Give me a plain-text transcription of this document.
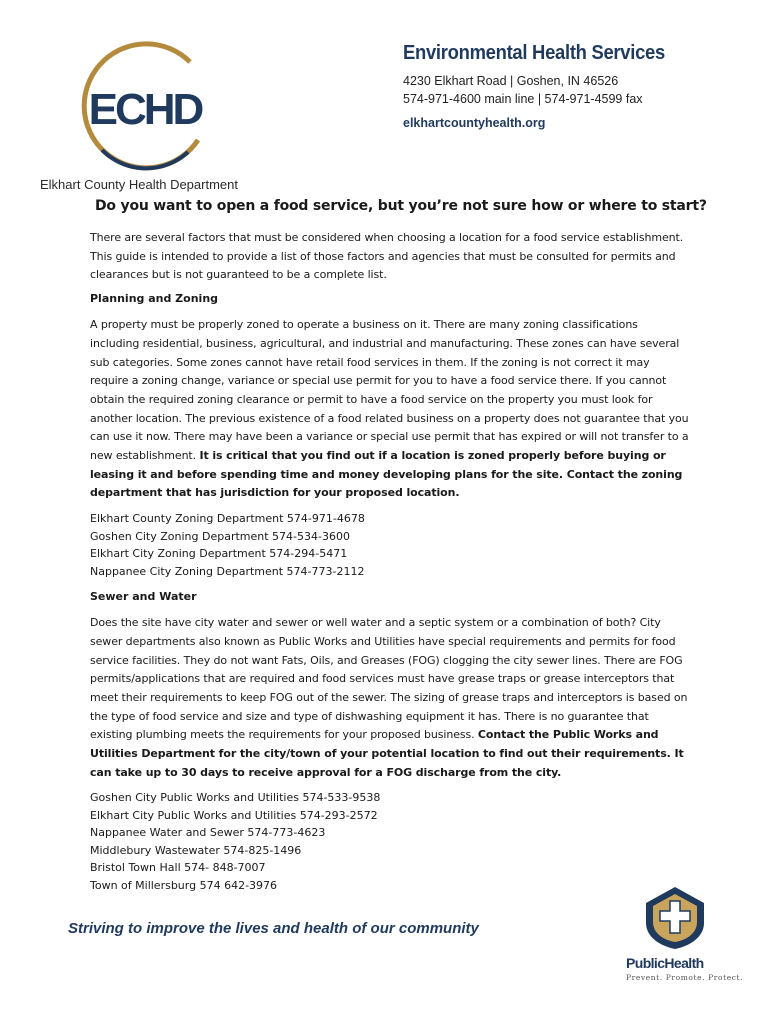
ECHD
Elkhart County Health Department
Environmental Health Services
4230 Elkhart Road | Goshen, IN 46526
574-971-4600 main line | 574-971-4599 fax
elkhartcountyhealth.org
Do you want to open a food service, but you’re not sure how or where to start?

There are several factors that must be considered when choosing a location for a food service establishment. This guide is intended to provide a list of those factors and agencies that must be consulted for permits and clearances but is not guaranteed to be a complete list.

Planning and Zoning

A property must be properly zoned to operate a business on it. There are many zoning classifications including residential, business, agricultural, and industrial and manufacturing. These zones can have several sub categories. Some zones cannot have retail food services in them. If the zoning is not correct it may require a zoning change, variance or special use permit for you to have a food service there. If you cannot obtain the required zoning clearance or permit to have a food service on the property you must look for another location. The previous existence of a food related business on a property does not guarantee that you can use it now. There may have been a variance or special use permit that has expired or will not transfer to a new establishment. It is critical that you find out if a location is zoned properly before buying or leasing it and before spending time and money developing plans for the site. Contact the zoning department that has jurisdiction for your proposed location.

Elkhart County Zoning Department 574-971-4678
Goshen City Zoning Department 574-534-3600
Elkhart City Zoning Department 574-294-5471
Nappanee City Zoning Department 574-773-2112
Sewer and Water

Does the site have city water and sewer or well water and a septic system or a combination of both? City sewer departments also known as Public Works and Utilities have special requirements and permits for food service facilities. They do not want Fats, Oils, and Greases (FOG) clogging the city sewer lines. There are FOG permits/applications that are required and food services must have grease traps or grease interceptors that meet their requirements to keep FOG out of the sewer. The sizing of grease traps and interceptors is based on the type of food service and size and type of dishwashing equipment it has. There is no guarantee that existing plumbing meets the requirements for your proposed business. Contact the Public Works and Utilities Department for the city/town of your potential location to find out their requirements. It can take up to 30 days to receive approval for a FOG discharge from the city.

Goshen City Public Works and Utilities 574-533-9538
Elkhart City Public Works and Utilities 574-293-2572
Nappanee Water and Sewer 574-773-4623
Middlebury Wastewater 574-825-1496
Bristol Town Hall 574- 848-7007
Town of Millersburg 574 642-3976
Striving to improve the lives and health of our community
PublicHealth
Prevent. Promote. Protect.
